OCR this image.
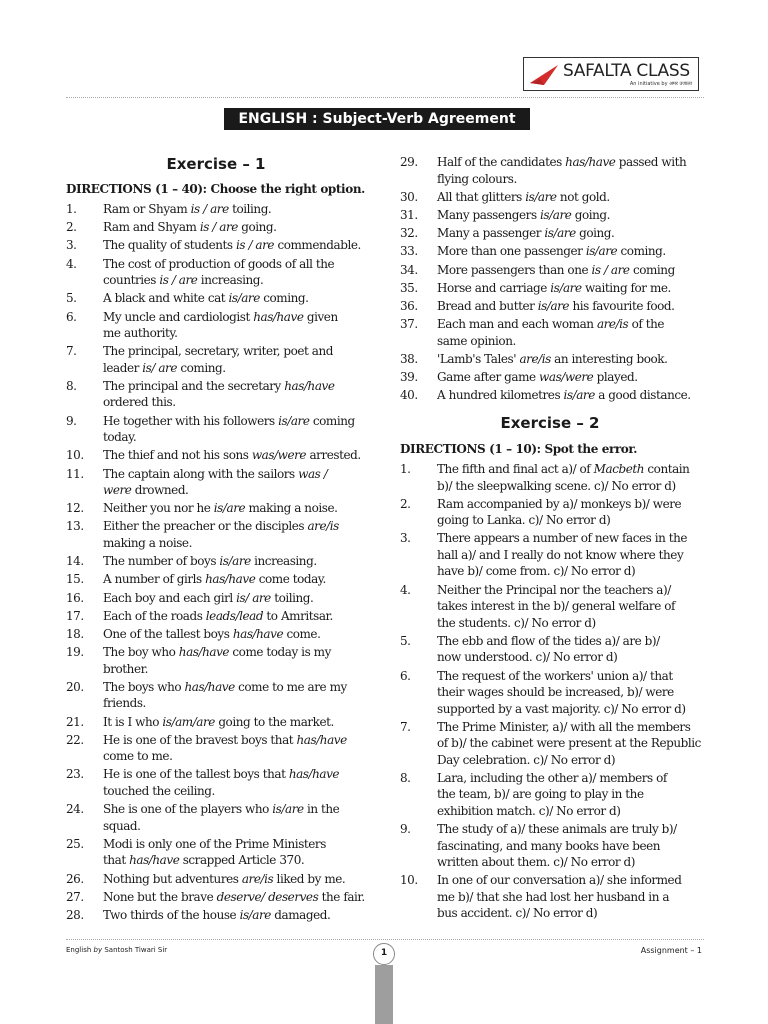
SAFALTA CLASS
An initiative by अमर उजाला
ENGLISH : Subject-Verb Agreement
Exercise – 1
DIRECTIONS (1 – 40): Choose the right option.
Exercise – 2
DIRECTIONS (1 – 10): Spot the error.
1. Ram or Shyam is / are toiling.
2. Ram and Shyam is / are going.
3. The quality of students is / are commendable.
4. The cost of production of goods of all the
countries is / are increasing.
5. A black and white cat is/are coming.
6. My uncle and cardiologist has/have given
me authority.
7. The principal, secretary, writer, poet and
leader is/ are coming.
8. The principal and the secretary has/have
ordered this.
9. He together with his followers is/are coming
today.
10. The thief and not his sons was/were arrested.
11. The captain along with the sailors was /
were drowned.
12. Neither you nor he is/are making a noise.
13. Either the preacher or the disciples are/is
making a noise.
14. The number of boys is/are increasing.
15. A number of girls has/have come today.
16. Each boy and each girl is/ are toiling.
17. Each of the roads leads/lead to Amritsar.
18. One of the tallest boys has/have come.
19. The boy who has/have come today is my
brother.
20. The boys who has/have come to me are my
friends.
21. It is I who is/am/are going to the market.
22. He is one of the bravest boys that has/have
come to me.
23. He is one of the tallest boys that has/have
touched the ceiling.
24. She is one of the players who is/are in the
squad.
25. Modi is only one of the Prime Ministers
that has/have scrapped Article 370.
26. Nothing but adventures are/is liked by me.
27. None but the brave deserve/ deserves the fair.
28. Two thirds of the house is/are damaged.
29. Half of the candidates has/have passed with
flying colours.
30. All that glitters is/are not gold.
31. Many passengers is/are going.
32. Many a passenger is/are going.
33. More than one passenger is/are coming.
34. More passengers than one is / are coming
35. Horse and carriage is/are waiting for me.
36. Bread and butter is/are his favourite food.
37. Each man and each woman are/is of the
same opinion.
38. 'Lamb's Tales' are/is an interesting book.
39. Game after game was/were played.
40. A hundred kilometres is/are a good distance.
1. The fifth and final act a)/ of Macbeth contain
b)/ the sleepwalking scene. c)/ No error d)
2. Ram accompanied by a)/ monkeys b)/ were
going to Lanka. c)/ No error d)
3. There appears a number of new faces in the
hall a)/ and I really do not know where they
have b)/ come from. c)/ No error d)
4. Neither the Principal nor the teachers a)/
takes interest in the b)/ general welfare of
the students. c)/ No error d)
5. The ebb and flow of the tides a)/ are b)/
now understood. c)/ No error d)
6. The request of the workers' union a)/ that
their wages should be increased, b)/ were
supported by a vast majority. c)/ No error d)
7. The Prime Minister, a)/ with all the members
of b)/ the cabinet were present at the Republic
Day celebration. c)/ No error d)
8. Lara, including the other a)/ members of
the team, b)/ are going to play in the
exhibition match. c)/ No error d)
9. The study of a)/ these animals are truly b)/
fascinating, and many books have been
written about them. c)/ No error d)
10. In one of our conversation a)/ she informed
me b)/ that she had lost her husband in a
bus accident. c)/ No error d)
English by Santosh Tiwari Sir	1	Assignment – 1
